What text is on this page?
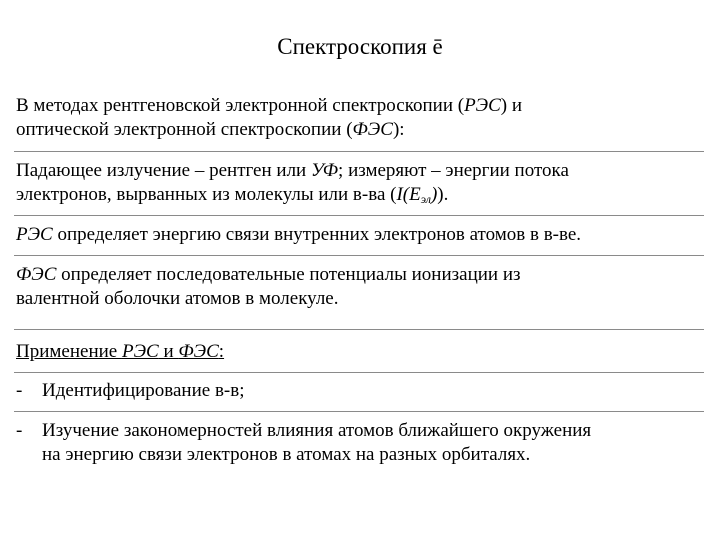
Спектроскопия ē
В методах рентгеновской электронной спектроскопии (РЭС) и
оптической электронной спектроскопии (ФЭС):
Падающее излучение – рентген или УФ; измеряют – энергии потока
электронов, вырванных из молекулы или в-ва $(I(E_{эл}))$.
РЭС определяет энергию связи внутренних электронов атомов в в-ве.
ФЭС определяет последовательные потенциалы ионизации из
валентной оболочки атомов в молекуле.
Применение РЭС и ФЭС:
-	Идентифицирование в-в;
-	Изучение закономерностей влияния атомов ближайшего окружения
на энергию связи электронов в атомах на разных орбиталях.
